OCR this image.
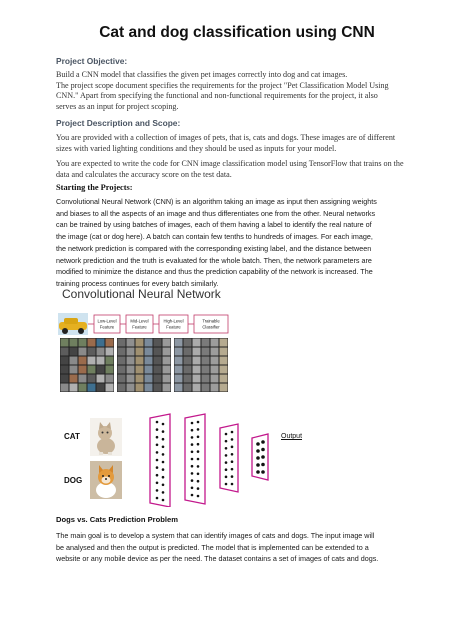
Cat and dog classification using CNN
Project Objective:
Build a CNN model that classifies the given pet images correctly into dog and cat images.
The project scope document specifies the requirements for the project "Pet Classification Model Using
CNN." Apart from specifying the functional and non-functional requirements for the project, it also
serves as an input for project scoping.
Project Description and Scope:
You are provided with a collection of images of pets, that is, cats and dogs. These images are of different
sizes with varied lighting conditions and they should be used as inputs for your model.
You are expected to write the code for CNN image classification model using TensorFlow that trains on the
data and calculates the accuracy score on the test data.
Starting the Projects:
Convolutional Neural Network (CNN) is an algorithm taking an image as input then assigning weights
and biases to all the aspects of an image and thus differentiates one from the other. Neural networks
can be trained by using batches of images, each of them having a label to identify the real nature of
the image (cat or dog here). A batch can contain few tenths to hundreds of images. For each image,
the network prediction is compared with the corresponding existing label, and the distance between
network prediction and the truth is evaluated for the whole batch. Then, the network parameters are
modified to minimize the distance and thus the prediction capability of the network is increased. The
training process continues for every batch similarly.
Convolutional Neural Network
Low-Level
Feature
Mid-Level
Feature
High-Level
Feature
Trainable
Classifier
CAT
DOG
Output
Dogs vs. Cats Prediction Problem
The main goal is to develop a system that can identify images of cats and dogs. The input image will
be analysed and then the output is predicted. The model that is implemented can be extended to a
website or any mobile device as per the need. The dataset contains a set of images of cats and dogs.
